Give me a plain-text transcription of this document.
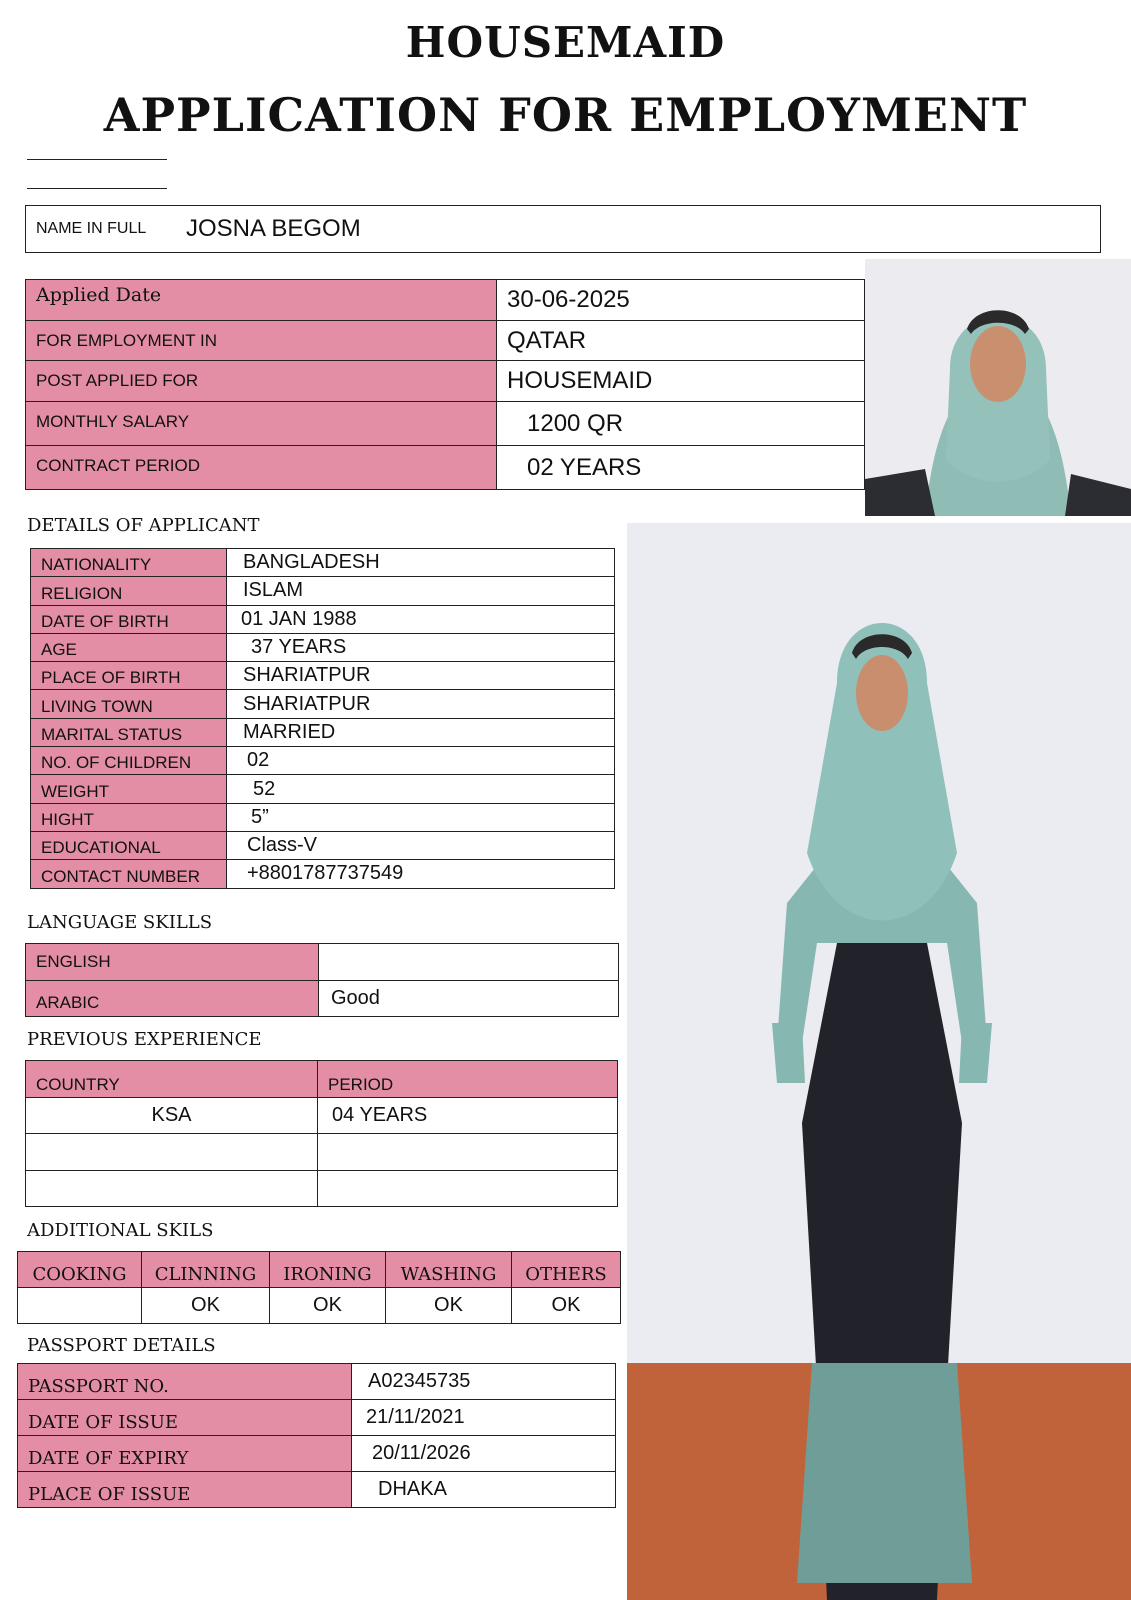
HOUSEMAID
APPLICATION FOR EMPLOYMENT
NAME IN FULL	JOSNA BEGOM
Applied Date	30-06-2025
FOR EMPLOYMENT IN	QATAR
POST APPLIED FOR	HOUSEMAID
MONTHLY SALARY	1200 QR
CONTRACT PERIOD	02 YEARS
DETAILS OF APPLICANT
NATIONALITY	BANGLADESH
RELIGION	ISLAM
DATE OF BIRTH	01 JAN 1988
AGE	37 YEARS
PLACE OF BIRTH	SHARIATPUR
LIVING TOWN	SHARIATPUR
MARITAL STATUS	MARRIED
NO. OF CHILDREN	02
WEIGHT	52
HIGHT	5”
EDUCATIONAL	Class-V
CONTACT NUMBER	+8801787737549
LANGUAGE SKILLS
ENGLISH	
ARABIC	Good
PREVIOUS EXPERIENCE
COUNTRY	PERIOD
KSA	04 YEARS

ADDITIONAL SKILS
COOKING	CLINNING	IRONING	WASHING	OTHERS
	OK	OK	OK	OK
PASSPORT DETAILS
PASSPORT NO.	A02345735
DATE OF ISSUE	21/11/2021
DATE OF EXPIRY	20/11/2026
PLACE OF ISSUE	DHAKA
